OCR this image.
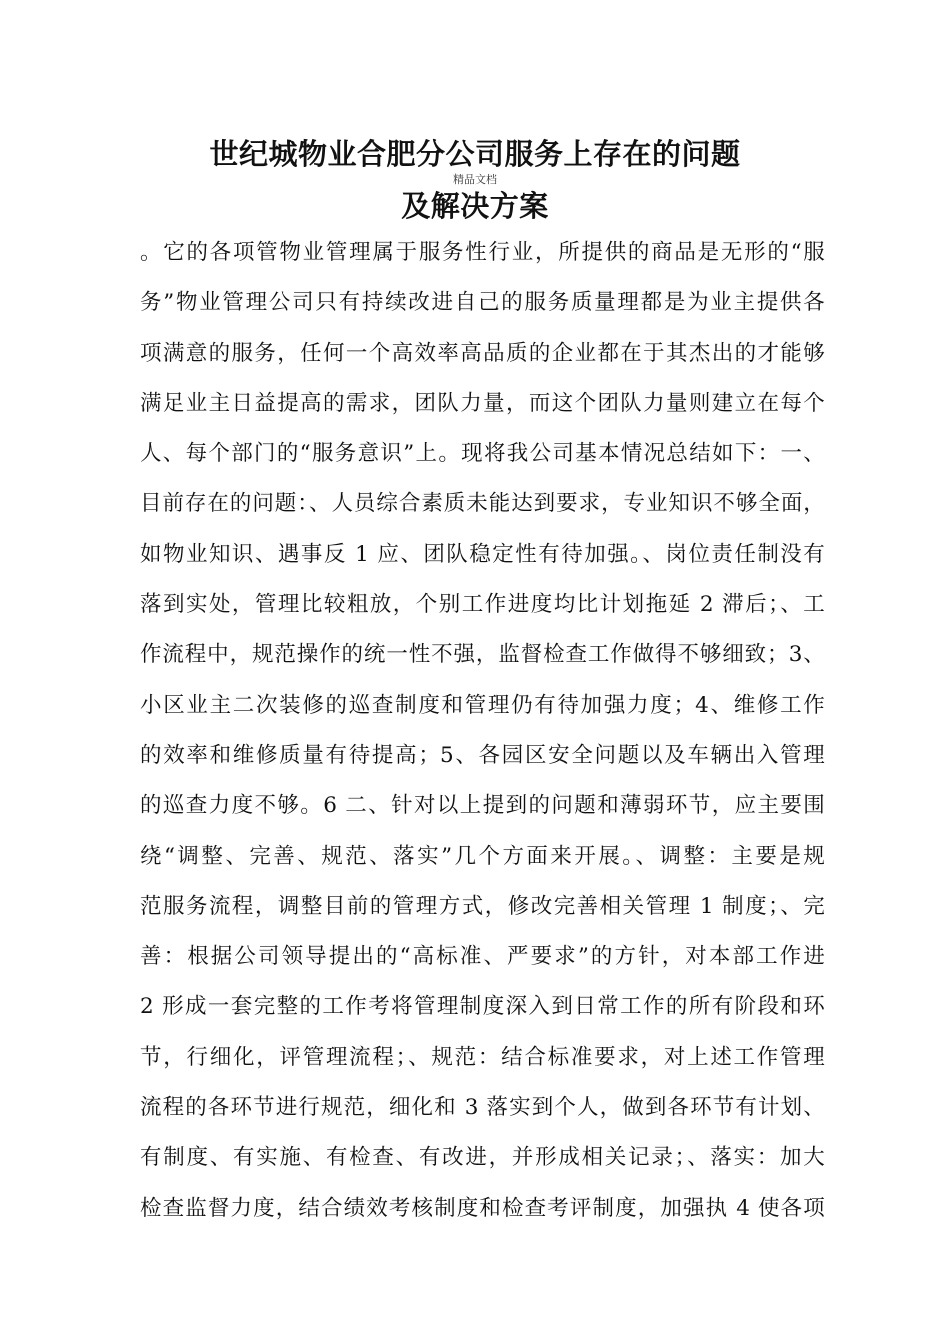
世纪城物业合肥分公司服务上存在的问题
精品文档
及解决方案
。它的各项管物业管理属于服务性行业，所提供的商品是无形的“服
务”物业管理公司只有持续改进自己的服务质量理都是为业主提供各
项满意的服务，任何一个高效率高品质的企业都在于其杰出的才能够
满足业主日益提高的需求，团队力量，而这个团队力量则建立在每个
人、每个部门的“服务意识”上。现将我公司基本情况总结如下：一、
目前存在的问题：、人员综合素质未能达到要求，专业知识不够全面，
如物业知识、遇事反 1 应、团队稳定性有待加强。、岗位责任制没有
落到实处，管理比较粗放，个别工作进度均比计划拖延 2 滞后；、工
作流程中，规范操作的统一性不强，监督检查工作做得不够细致；3、
小区业主二次装修的巡查制度和管理仍有待加强力度；4、维修工作
的效率和维修质量有待提高；5、各园区安全问题以及车辆出入管理
的巡查力度不够。6 二、针对以上提到的问题和薄弱环节，应主要围
绕“调整、完善、规范、落实”几个方面来开展。、调整：主要是规
范服务流程，调整目前的管理方式，修改完善相关管理 1 制度；、完
善：根据公司领导提出的“高标准、严要求”的方针，对本部工作进
2 形成一套完整的工作考将管理制度深入到日常工作的所有阶段和环
节，行细化，评管理流程；、规范：结合标准要求，对上述工作管理
流程的各环节进行规范，细化和 3 落实到个人，做到各环节有计划、
有制度、有实施、有检查、有改进，并形成相关记录；、落实：加大
检查监督力度，结合绩效考核制度和检查考评制度，加强执 4 使各项
